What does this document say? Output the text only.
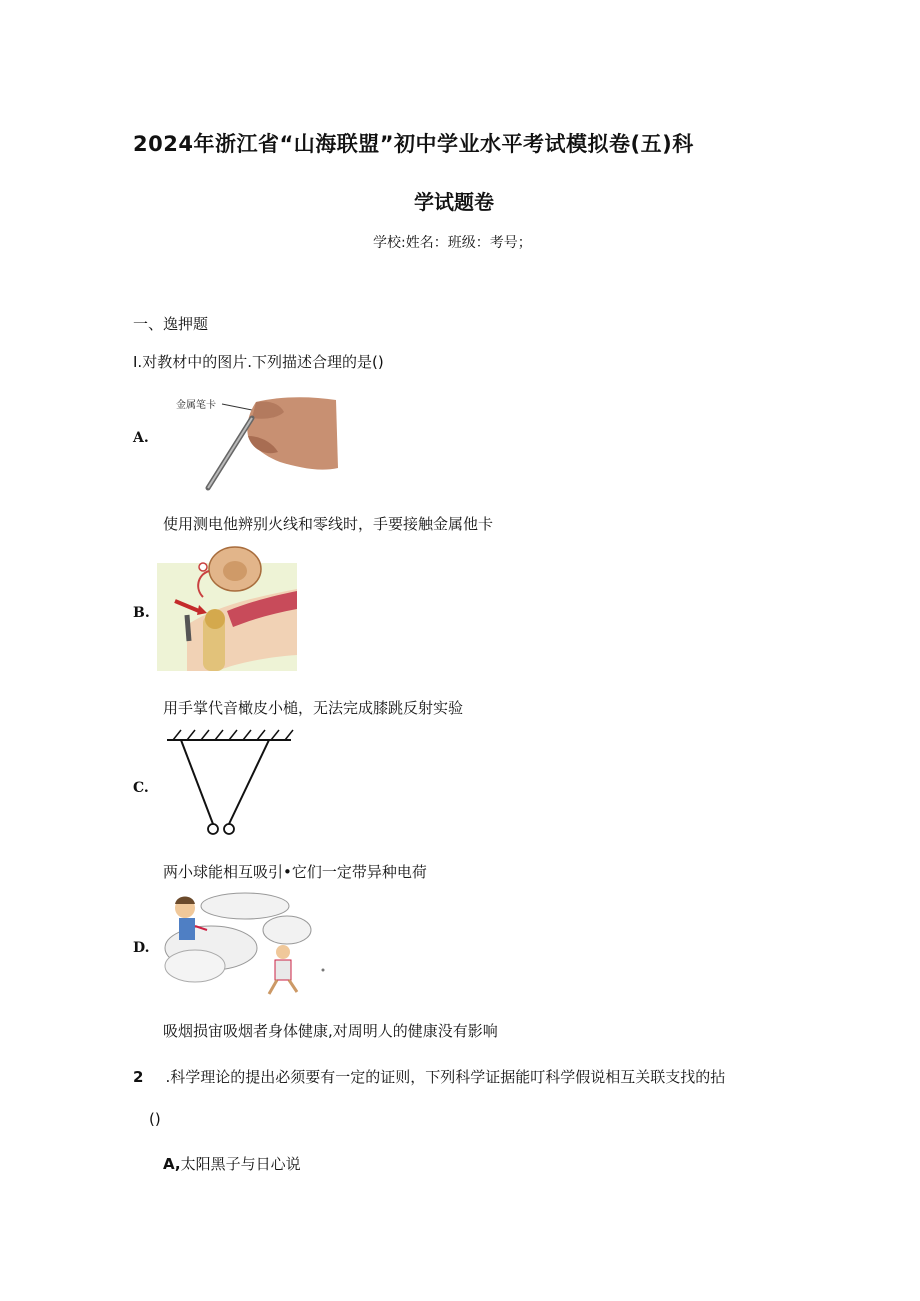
2024年浙江省“山海联盟”初中学业水平考试模拟卷(五)科
学试题卷
学校:姓名：班级：考号；
一、逸押题
I.对教材中的图片.下列描述合理的是()
A.
金属笔卡
使用测电他辨别火线和零线时，手要接触金属他卡
B.
用手掌代音橄皮小槌，无法完成膝跳反射实验
C.
两小球能相互吸引•它们一定带异种电荷
D.
吸烟损宙吸烟者身体健康,对周明人的健康没有影响
2 .科学理论的提出必须要有一定的证则，下列科学证据能叮科学假说相互关联支找的拈
()
A,太阳黑子与日心说
